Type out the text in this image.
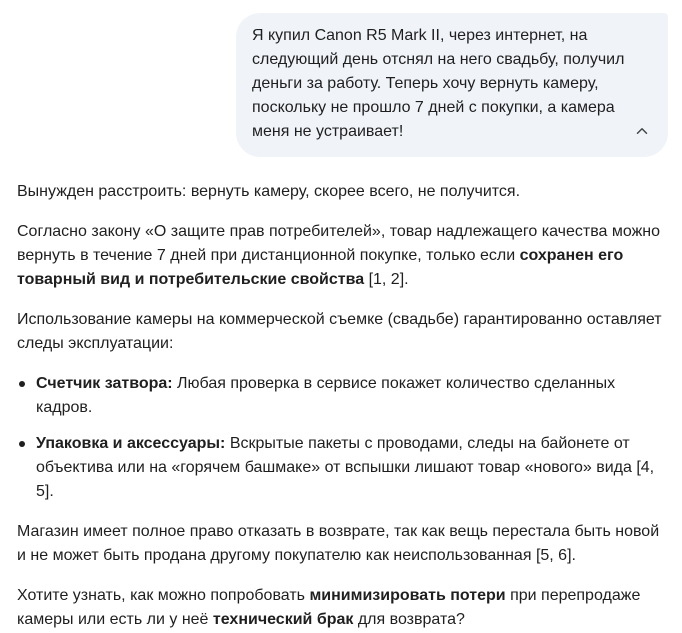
Я купил Canon R5 Mark II, через интернет, на следующий день отснял на него свадьбу, получил деньги за работу. Теперь хочу вернуть камеру, поскольку не прошло 7 дней с покупки, а камера меня не устраивает!

Вынужден расстроить: вернуть камеру, скорее всего, не получится.

Согласно закону «О защите прав потребителей», товар надлежащего качества можно вернуть в течение 7 дней при дистанционной покупке, только если сохранен его товарный вид и потребительские свойства [1, 2].

Использование камеры на коммерческой съемке (свадьбе) гарантированно оставляет следы эксплуатации:

Счетчик затвора: Любая проверка в сервисе покажет количество сделанных кадров.
Упаковка и аксессуары: Вскрытые пакеты с проводами, следы на байонете от объектива или на «горячем башмаке» от вспышки лишают товар «нового» вида [4, 5].

Магазин имеет полное право отказать в возврате, так как вещь перестала быть новой и не может быть продана другому покупателю как неиспользованная [5, 6].

Хотите узнать, как можно попробовать минимизировать потери при перепродаже камеры или есть ли у неё технический брак для возврата?
